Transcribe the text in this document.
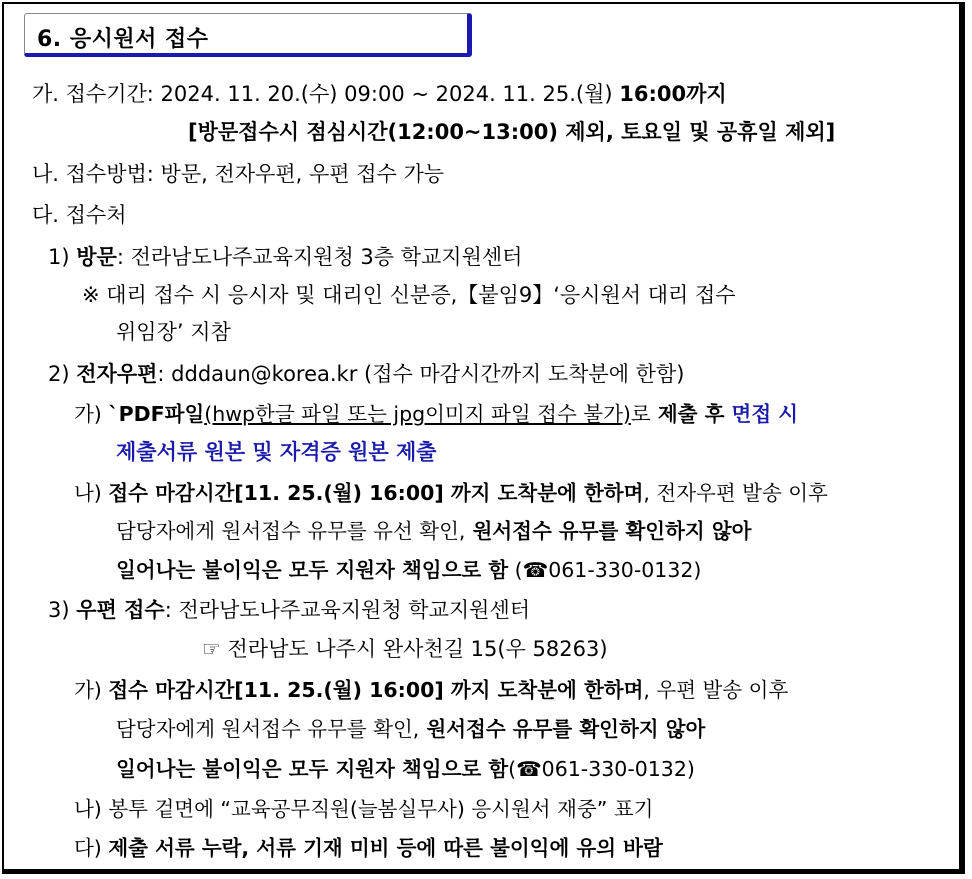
6. 응시원서 접수
가. 접수기간: 2024. 11. 20.(수) 09:00 ~ 2024. 11. 25.(월) 16:00까지
[방문접수시 점심시간(12:00~13:00) 제외, 토요일 및 공휴일 제외]
나. 접수방법: 방문, 전자우편, 우편 접수 가능
다. 접수처
1) 방문: 전라남도나주교육지원청 3층 학교지원센터
※ 대리 접수 시 응시자 및 대리인 신분증,【붙임9】‘응시원서 대리 접수
위임장’ 지참
2) 전자우편: dddaun@korea.kr (접수 마감시간까지 도착분에 한함)
가) `PDF파일(hwp한글 파일 또는 jpg이미지 파일 접수 불가)로 제출 후 면접 시
제출서류 원본 및 자격증 원본 제출
나) 접수 마감시간[11. 25.(월) 16:00] 까지 도착분에 한하며, 전자우편 발송 이후
담당자에게 원서접수 유무를 유선 확인, 원서접수 유무를 확인하지 않아
일어나는 불이익은 모두 지원자 책임으로 함 (☎061-330-0132)
3) 우편 접수: 전라남도나주교육지원청 학교지원센터
☞ 전라남도 나주시 완사천길 15(우 58263)
가) 접수 마감시간[11. 25.(월) 16:00] 까지 도착분에 한하며, 우편 발송 이후
담당자에게 원서접수 유무를 확인, 원서접수 유무를 확인하지 않아
일어나는 불이익은 모두 지원자 책임으로 함(☎061-330-0132)
나) 봉투 겉면에 “교육공무직원(늘봄실무사) 응시원서 재중” 표기
다) 제출 서류 누락, 서류 기재 미비 등에 따른 불이익에 유의 바람
